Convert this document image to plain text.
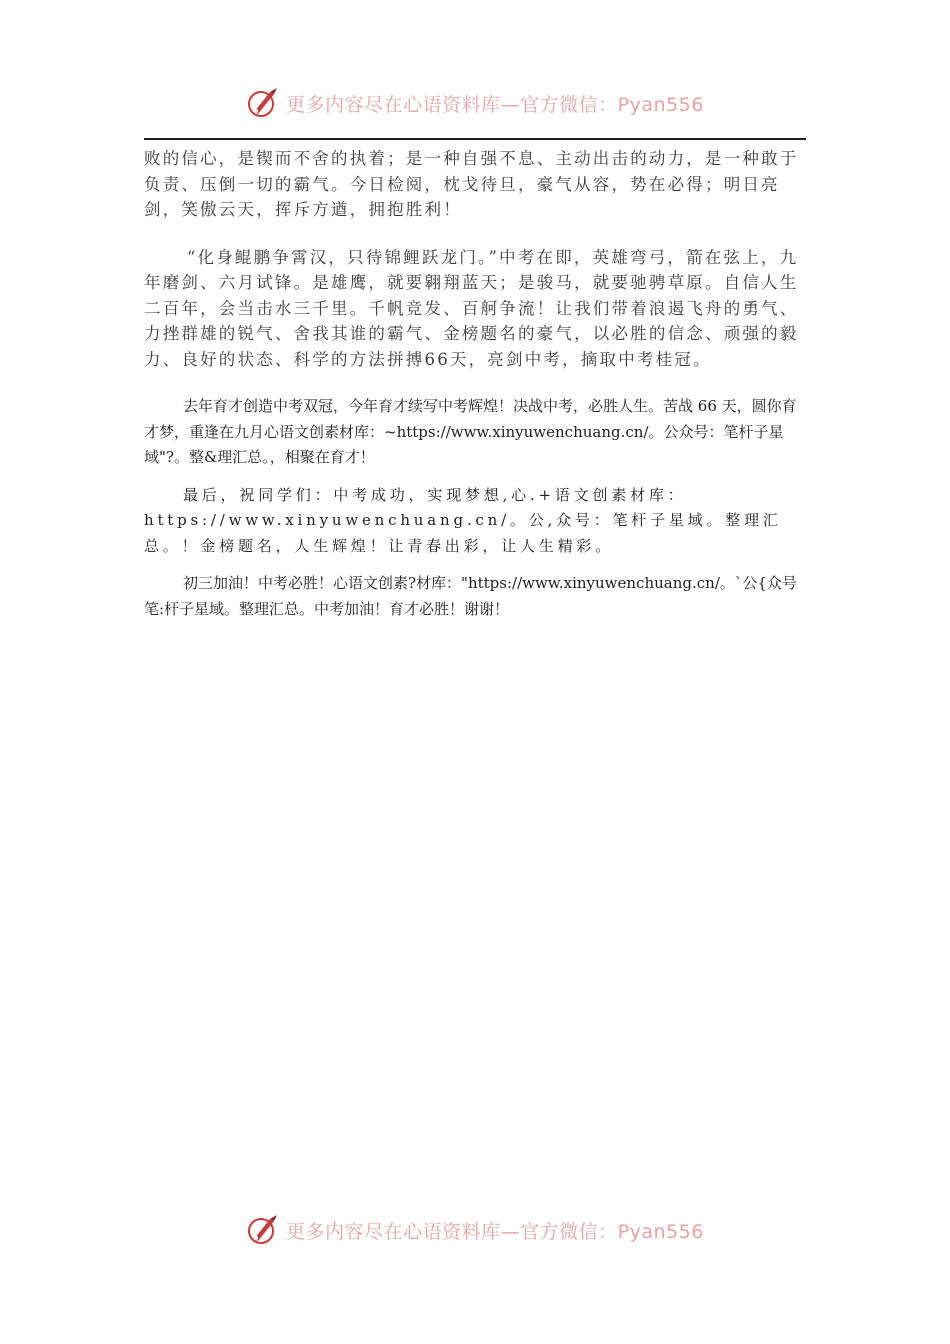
更多内容尽在心语资料库—官方微信：Pyan556

败的信心，是锲而不舍的执着；是一种自强不息、主动出击的动力，是一种敢于负责、压倒一切的霸气。今日检阅，枕戈待旦，豪气从容，势在必得；明日亮剑，笑傲云天，挥斥方遒，拥抱胜利！

“化身鲲鹏争霄汉，只待锦鲤跃龙门。”中考在即，英雄弯弓，箭在弦上，九年磨剑、六月试锋。是雄鹰，就要翱翔蓝天；是骏马，就要驰骋草原。自信人生二百年，会当击水三千里。千帆竞发、百舸争流！让我们带着浪遏飞舟的勇气、力挫群雄的锐气、舍我其谁的霸气、金榜题名的豪气，以必胜的信念、顽强的毅力、良好的状态、科学的方法拼搏66天，亮剑中考，摘取中考桂冠。

去年育才创造中考双冠，今年育才续写中考辉煌！决战中考，必胜人生。苦战 66 天，圆你育才梦，重逢在九月心语文创素材库：~https://www.xinyuwenchuang.cn/。公众号：笔杆子星域"?。整&理汇总。，相聚在育才！

最后，祝同学们：中考成功，实现梦想,心.+语文创素材库：https://www.xinyuwenchuang.cn/。公,众号：笔杆子星域。整理汇总。！金榜题名，人生辉煌！让青春出彩，让人生精彩。

初三加油！中考必胜！心语文创素?材库："https://www.xinyuwenchuang.cn/。`公{众号笔:杆子星域。整理汇总。中考加油！育才必胜！谢谢！

更多内容尽在心语资料库—官方微信：Pyan556
